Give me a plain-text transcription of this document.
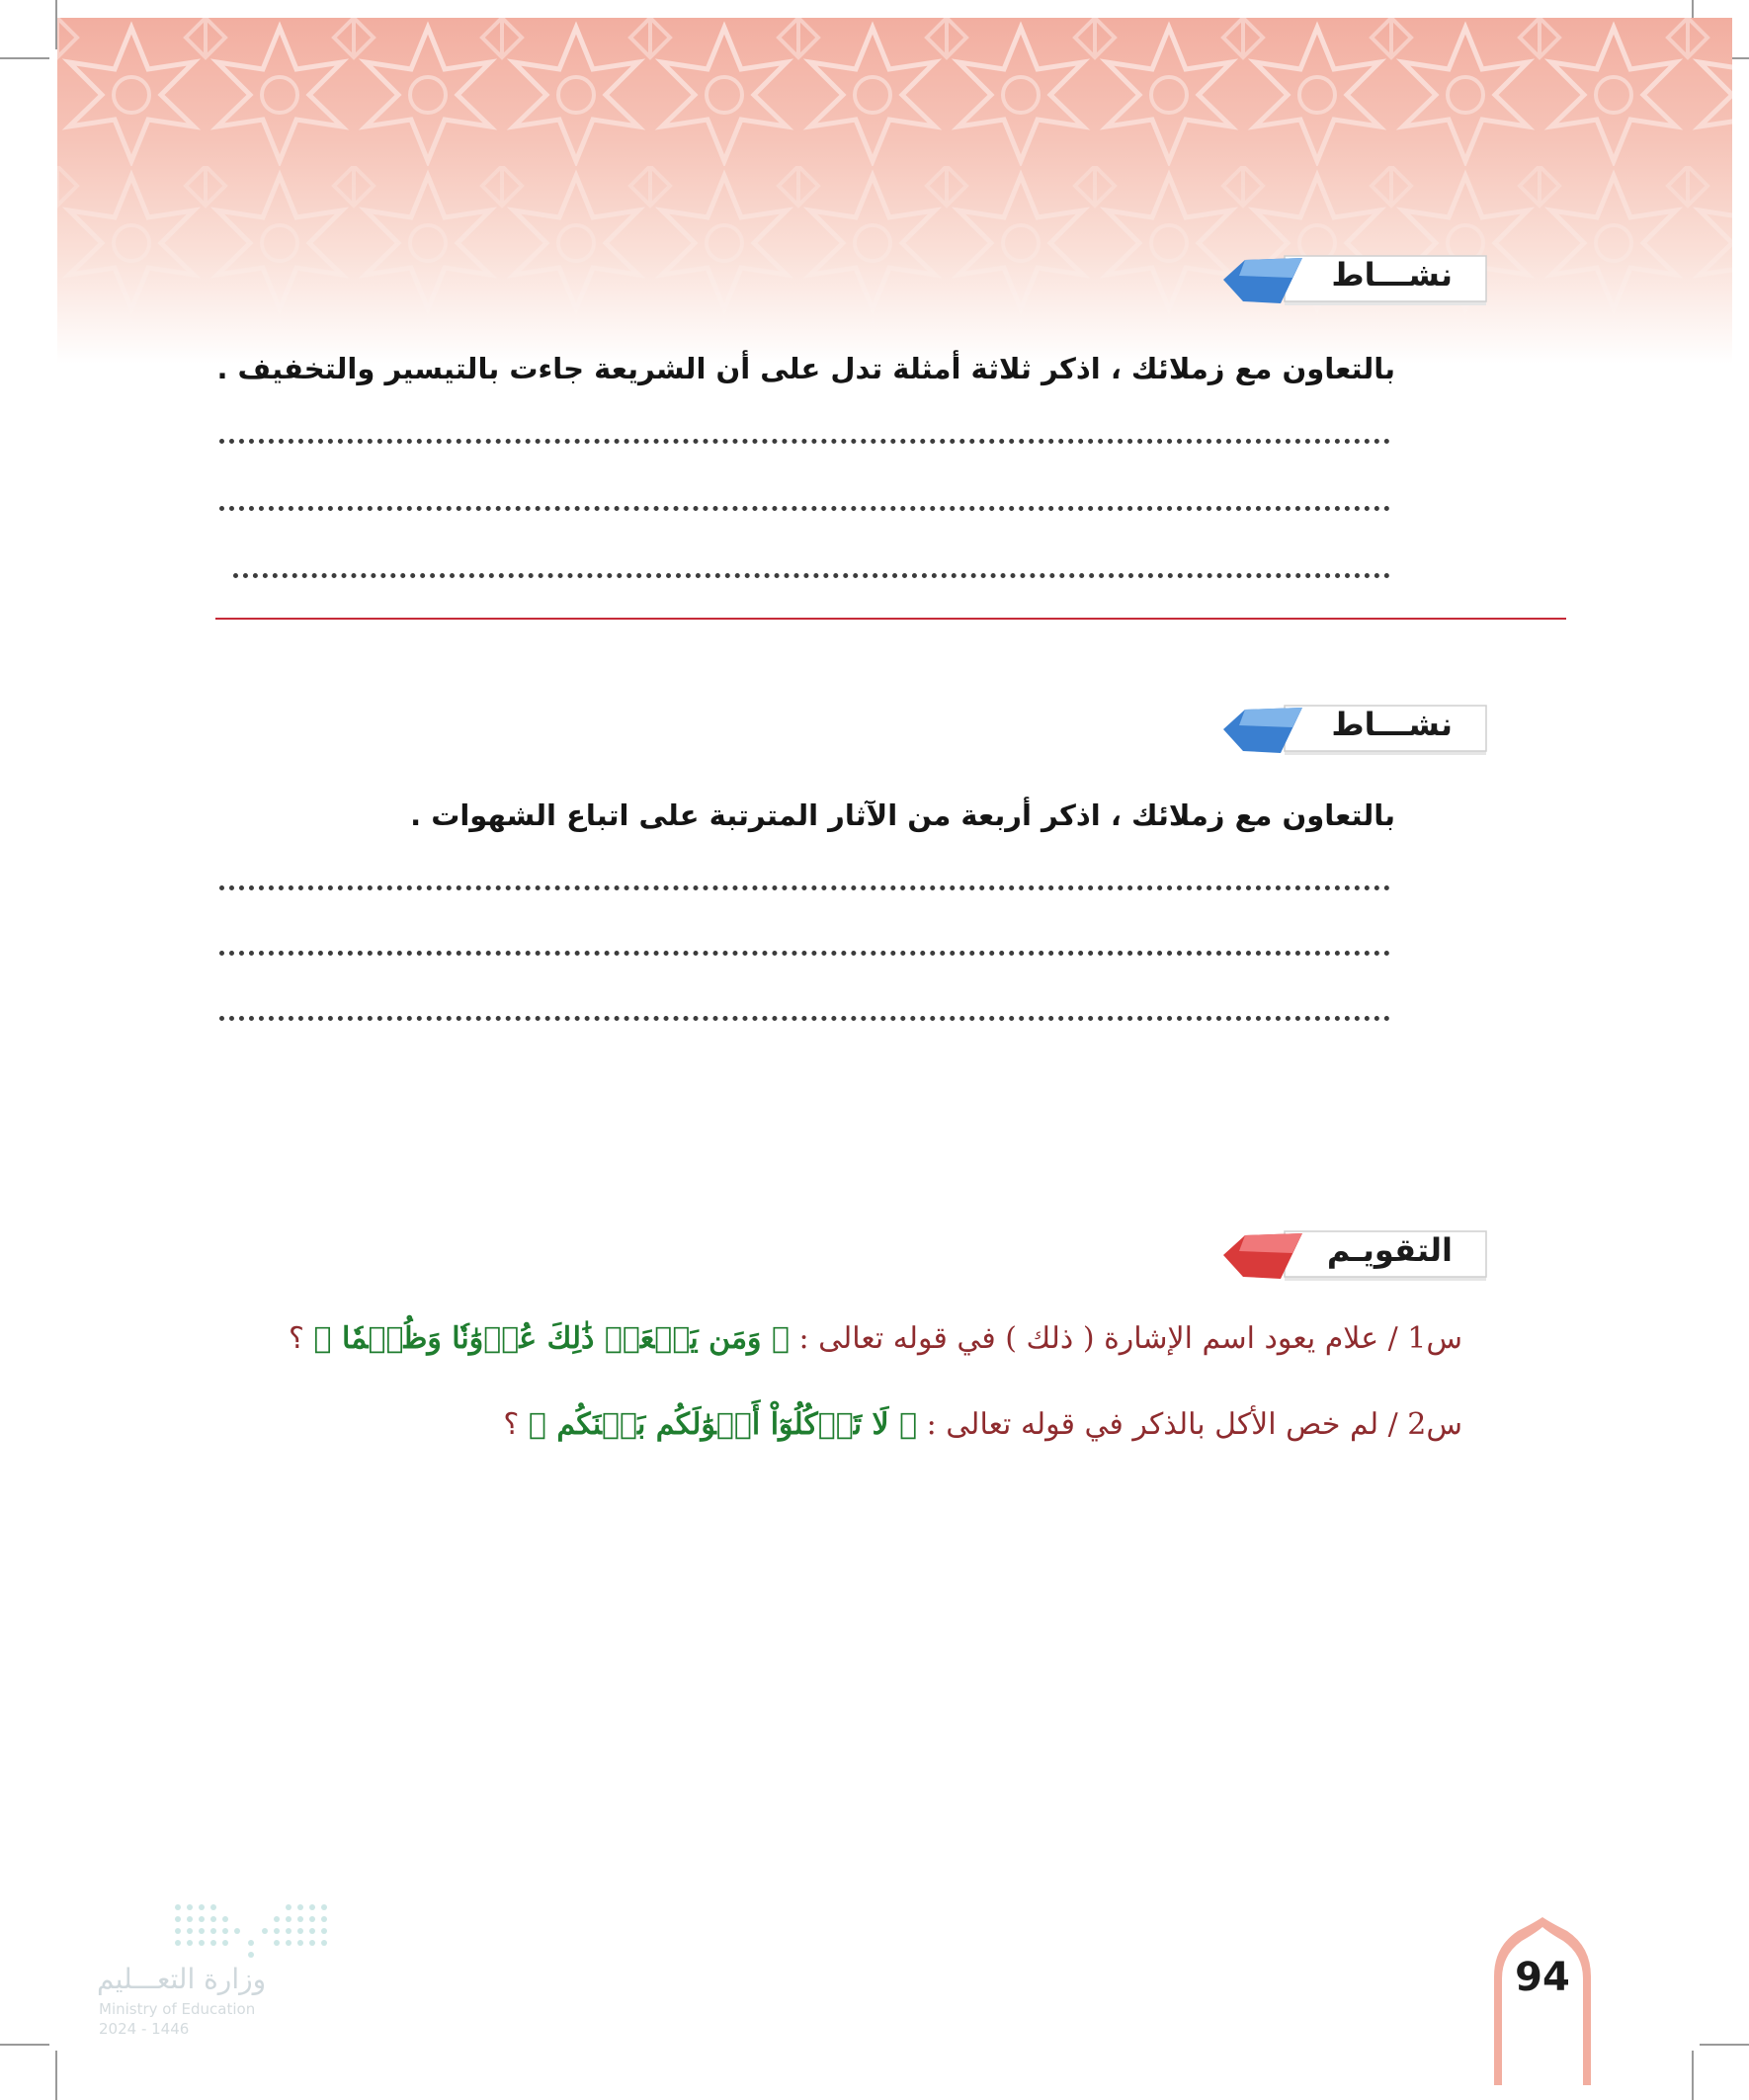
نشـــاط
بالتعاون مع زملائك ، اذكر ثلاثة أمثلة تدل على أن الشريعة جاءت بالتيسير والتخفيف .
نشـــاط
بالتعاون مع زملائك ، اذكر أربعة من الآثار المترتبة على اتباع الشهوات .
التقويـم
س1 / علام يعود اسم الإشارة ( ذلك ) في قوله تعالى : ﴿ وَمَن يَفۡعَلۡ ذَٰلِكَ عُدۡوَٰنٗا وَظُلۡمٗا ﴾ ؟
س2 / لم خص الأكل بالذكر في قوله تعالى : ﴿ لَا تَأۡكُلُوٓاْ أَمۡوَٰلَكُم بَيۡنَكُم ﴾ ؟
وزارة التعـــليم
Ministry of Education
2024 - 1446
94
